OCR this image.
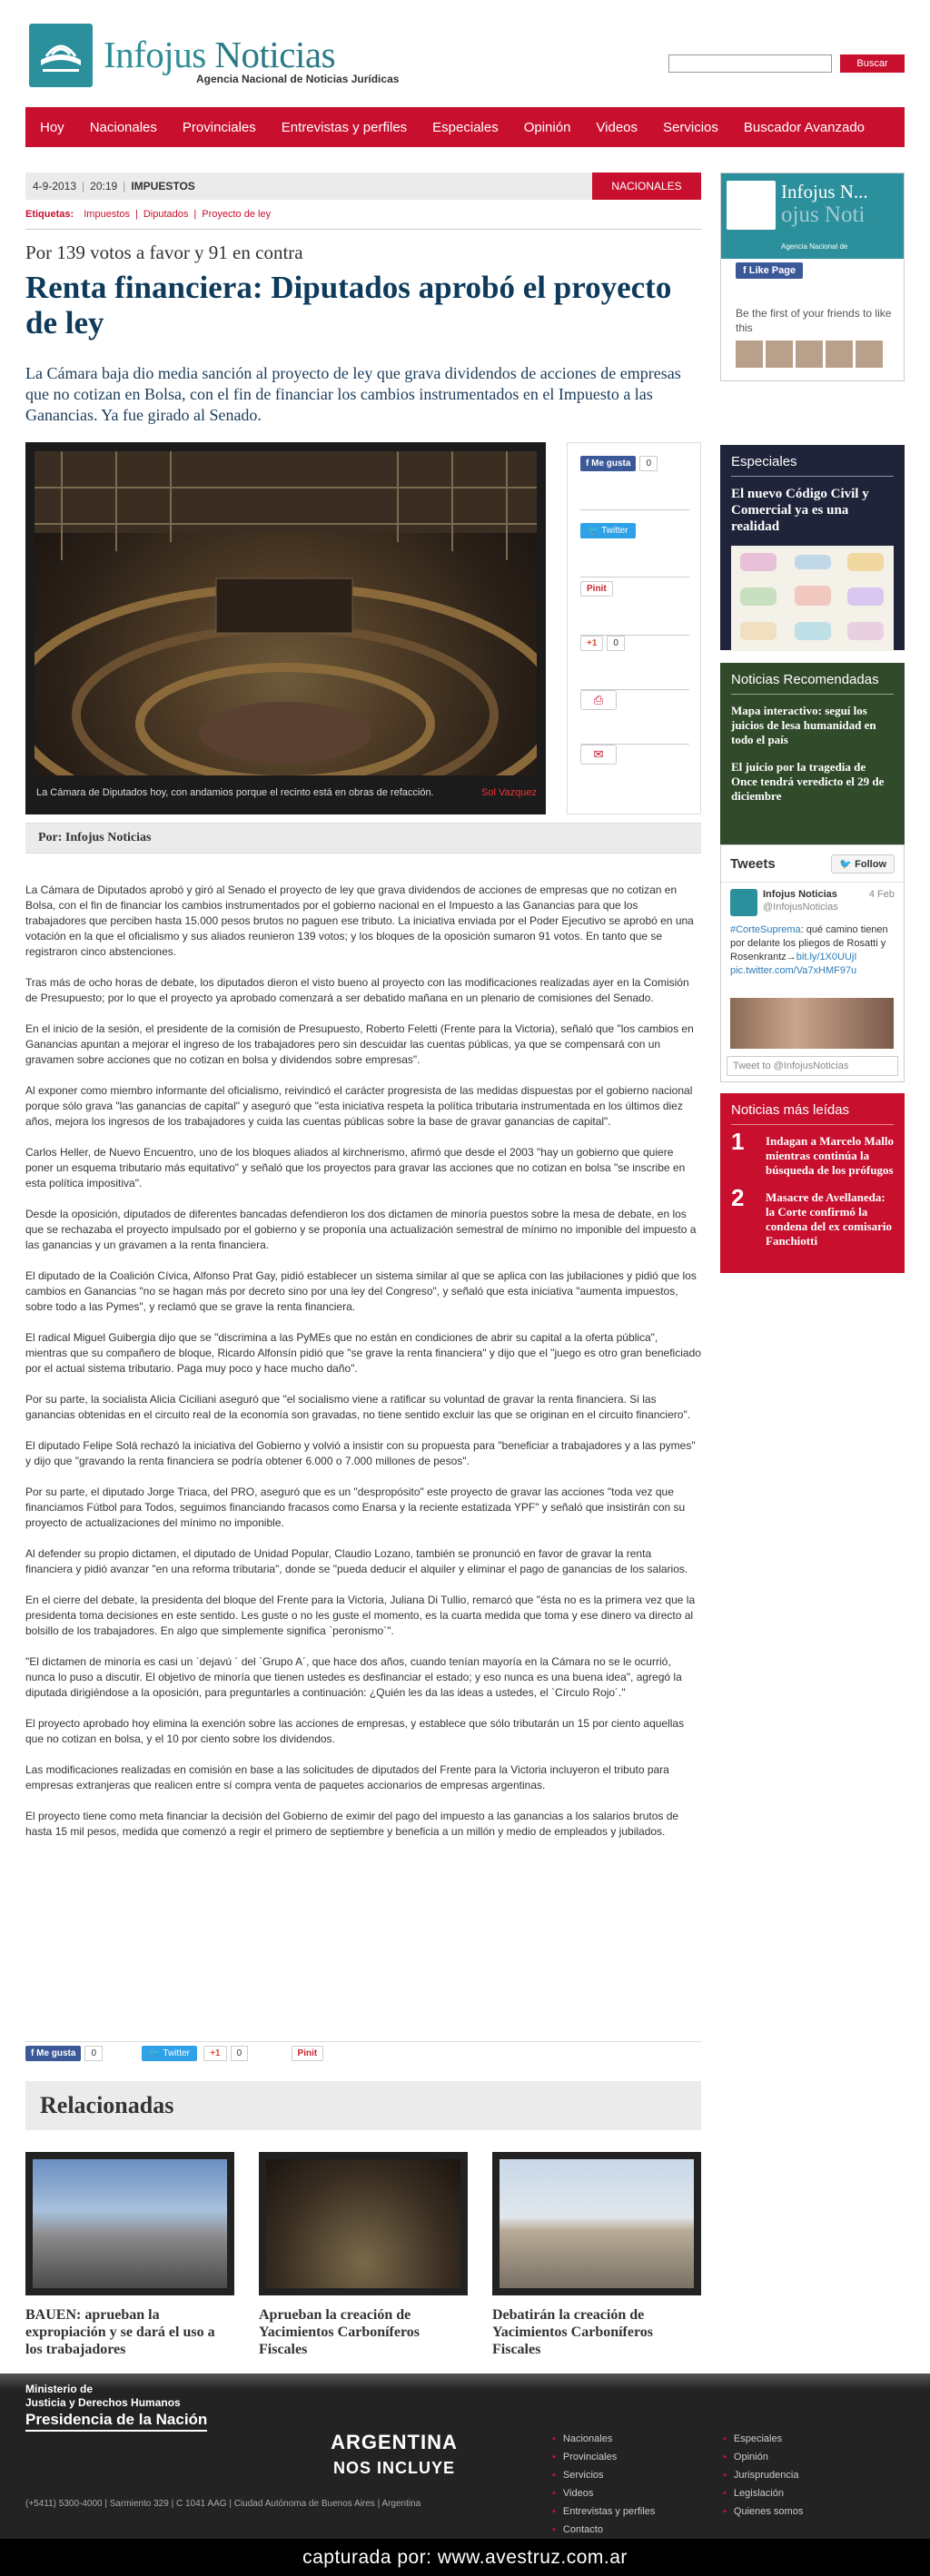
Infojus Noticias
Agencia Nacional de Noticias Jurídicas
Buscar
Hoy	Nacionales	Provinciales	Entrevistas y perfiles	Especiales	Opinión	Videos	Servicios	Buscador Avanzado
4-9-2013 | 20:19 | IMPUESTOS	NACIONALES
Etiquetas: Impuestos | Diputados | Proyecto de ley
Por 139 votos a favor y 91 en contra
Renta financiera: Diputados aprobó el proyecto de ley
La Cámara baja dio media sanción al proyecto de ley que grava dividendos de acciones de empresas que no cotizan en Bolsa, con el fin de financiar los cambios instrumentados en el Impuesto a las Ganancias. Ya fue girado al Senado.
La Cámara de Diputados hoy, con andamios porque el recinto está en obras de refacción.	Sol Vazquez
f Me gusta 0
🐦 Twitter
Pinit
+1 0
⎙
✉
Por: Infojus Noticias

La Cámara de Diputados aprobó y giró al Senado el proyecto de ley que grava dividendos de acciones de empresas que no cotizan en Bolsa, con el fin de financiar los cambios instrumentados por el gobierno nacional en el Impuesto a las Ganancias para que los trabajadores que perciben hasta 15.000 pesos brutos no paguen ese tributo. La iniciativa enviada por el Poder Ejecutivo se aprobó en una votación en la que el oficialismo y sus aliados reunieron 139 votos; y los bloques de la oposición sumaron 91 votos. En tanto que se registraron cinco abstenciones.

Tras más de ocho horas de debate, los diputados dieron el visto bueno al proyecto con las modificaciones realizadas ayer en la Comisión de Presupuesto; por lo que el proyecto ya aprobado comenzará a ser debatido mañana en un plenario de comisiones del Senado.

En el inicio de la sesión, el presidente de la comisión de Presupuesto, Roberto Feletti (Frente para la Victoria), señaló que "los cambios en Ganancias apuntan a mejorar el ingreso de los trabajadores pero sin descuidar las cuentas públicas, ya que se compensará con un gravamen sobre acciones que no cotizan en bolsa y dividendos sobre empresas".

Al exponer como miembro informante del oficialismo, reivindicó el carácter progresista de las medidas dispuestas por el gobierno nacional porque sólo grava "las ganancias de capital" y aseguró que "esta iniciativa respeta la política tributaria instrumentada en los últimos diez años, mejora los ingresos de los trabajadores y cuida las cuentas públicas sobre la base de gravar ganancias de capital".

Carlos Heller, de Nuevo Encuentro, uno de los bloques aliados al kirchnerismo, afirmó que desde el 2003 "hay un gobierno que quiere poner un esquema tributario más equitativo" y señaló que los proyectos para gravar las acciones que no cotizan en bolsa "se inscribe en esta política impositiva".

Desde la oposición, diputados de diferentes bancadas defendieron los dos dictamen de minoría puestos sobre la mesa de debate, en los que se rechazaba el proyecto impulsado por el gobierno y se proponía una actualización semestral de mínimo no imponible del impuesto a las ganancias y un gravamen a la renta financiera.

El diputado de la Coalición Cívica, Alfonso Prat Gay, pidió establecer un sistema similar al que se aplica con las jubilaciones y pidió que los cambios en Ganancias "no se hagan más por decreto sino por una ley del Congreso", y señaló que esta iniciativa "aumenta impuestos, sobre todo a las Pymes", y reclamó que se grave la renta financiera.

El radical Miguel Guibergia dijo que se "discrimina a las PyMEs que no están en condiciones de abrir su capital a la oferta pública", mientras que su compañero de bloque, Ricardo Alfonsín pidió que "se grave la renta financiera" y dijo que el "juego es otro gran beneficiado por el actual sistema tributario. Paga muy poco y hace mucho daño".

Por su parte, la socialista Alicia Ciciliani aseguró que "el socialismo viene a ratificar su voluntad de gravar la renta financiera. Si las ganancias obtenidas en el circuito real de la economía son gravadas, no tiene sentido excluir las que se originan en el circuito financiero".

El diputado Felipe Solá rechazó la iniciativa del Gobierno y volvió a insistir con su propuesta para "beneficiar a trabajadores y a las pymes" y dijo que "gravando la renta financiera se podría obtener 6.000 o 7.000 millones de pesos".

Por su parte, el diputado Jorge Triaca, del PRO, aseguró que es un "despropósito" este proyecto de gravar las acciones "toda vez que financiamos Fútbol para Todos, seguimos financiando fracasos como Enarsa y la reciente estatizada YPF" y señaló que insistirán con su proyecto de actualizaciones del mínimo no imponible.

Al defender su propio dictamen, el diputado de Unidad Popular, Claudio Lozano, también se pronunció en favor de gravar la renta financiera y pidió avanzar "en una reforma tributaria", donde se "pueda deducir el alquiler y eliminar el pago de ganancias de los salarios.

En el cierre del debate, la presidenta del bloque del Frente para la Victoria, Juliana Di Tullio, remarcó que "ésta no es la primera vez que la presidenta toma decisiones en este sentido. Les guste o no les guste el momento, es la cuarta medida que toma y ese dinero va directo al bolsillo de los trabajadores. En algo que simplemente significa `peronismo´".

"El dictamen de minoría es casi un `dejavú ´ del `Grupo A´, que hace dos años, cuando tenían mayoría en la Cámara no se le ocurrió, nunca lo puso a discutir. El objetivo de minoría que tienen ustedes es desfinanciar el estado; y eso nunca es una buena idea", agregó la diputada dirigiéndose a la oposición, para preguntarles a continuación: ¿Quién les da las ideas a ustedes, el `Círculo Rojo´."

El proyecto aprobado hoy elimina la exención sobre las acciones de empresas, y establece que sólo tributarán un 15 por ciento aquellas que no cotizan en bolsa, y el 10 por ciento sobre los dividendos.

Las modificaciones realizadas en comisión en base a las solicitudes de diputados del Frente para la Victoria incluyeron el tributo para empresas extranjeras que realicen entre sí compra venta de paquetes accionarios de empresas argentinas.

El proyecto tiene como meta financiar la decisión del Gobierno de eximir del pago del impuesto a las ganancias a los salarios brutos de hasta 15 mil pesos, medida que comenzó a regir el primero de septiembre y beneficia a un millón y medio de empleados y jubilados.

f Me gusta 0	🐦 Twitter +1 0	Pinit
Relacionadas
BAUEN: aprueban la expropiación y se dará el uso a los trabajadores
Aprueban la creación de Yacimientos Carboníferos Fiscales
Debatirán la creación de Yacimientos Carboníferos Fiscales
Infojus N...
ojus Noti
Agencia Nacional de
f Like Page
Be the first of your friends to like this
Especiales
El nuevo Código Civil y Comercial ya es una realidad
Noticias Recomendadas
Mapa interactivo: seguí los juicios de lesa humanidad en todo el país
El juicio por la tragedia de Once tendrá veredicto el 29 de diciembre
Tweets	🐦 Follow
Infojus Noticias
@InfojusNoticias
4 Feb
#CorteSuprema: qué camino tienen por delante los pliegos de Rosatti y Rosenkrantz→bit.ly/1X0UUjI pic.twitter.com/Va7xHMF97u
Tweet to @InfojusNoticias
Noticias más leídas
1 Indagan a Marcelo Mallo mientras continúa la búsqueda de los prófugos
2 Masacre de Avellaneda: la Corte confirmó la condena del ex comisario Fanchiotti
Ministerio de
Justicia y Derechos Humanos
Presidencia de la Nación
(+5411) 5300-4000 | Sarmiento 329 | C 1041 AAG | Ciudad Autónoma de Buenos Aires | Argentina
ARGENTINA
NOS INCLUYE
▪ Nacionales
▪ Provinciales
▪ Servicios
▪ Videos
▪ Entrevistas y perfiles
▪ Contacto
▪ Especiales
▪ Opinión
▪ Jurisprudencia
▪ Legislación
▪ Quienes somos
capturada por: www.avestruz.com.ar
